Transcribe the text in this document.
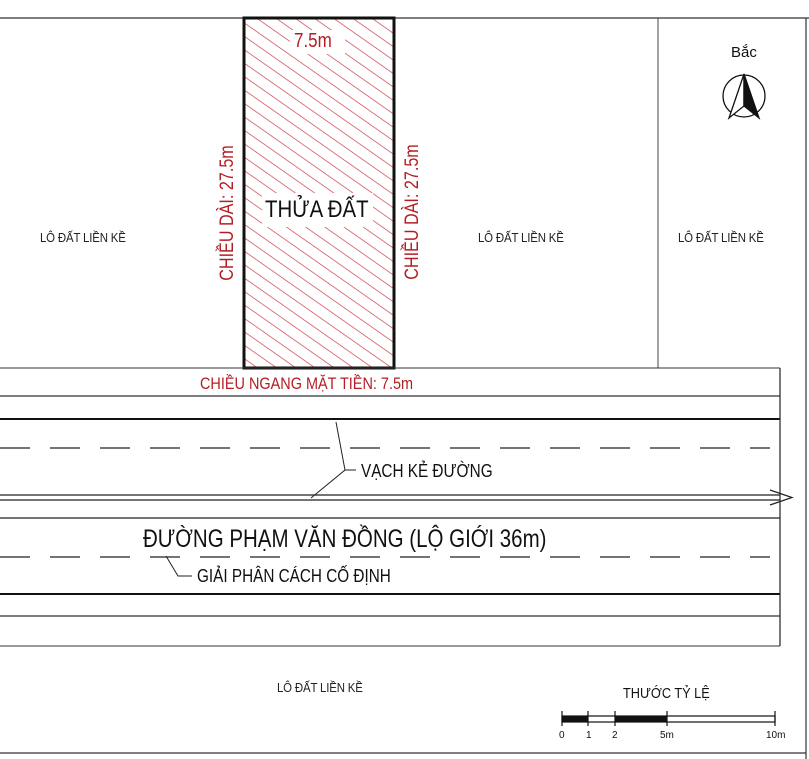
7.5m
THỬA ĐẤT
CHIỀU DÀI: 27.5m	CHIỀU DÀI: 27.5m
CHIỀU NGANG MẶT TIỀN: 7.5m
LÔ ĐẤT LIỀN KỀ	LÔ ĐẤT LIỀN KỀ	LÔ ĐẤT LIỀN KỀ
LÔ ĐẤT LIỀN KỀ
Bắc
VẠCH KẺ ĐƯỜNG
ĐƯỜNG PHẠM VĂN ĐỒNG (LỘ GIỚI 36m)
GIẢI PHÂN CÁCH CỐ ĐỊNH
THƯỚC TỶ LỆ
0 1 2	5m	10m
